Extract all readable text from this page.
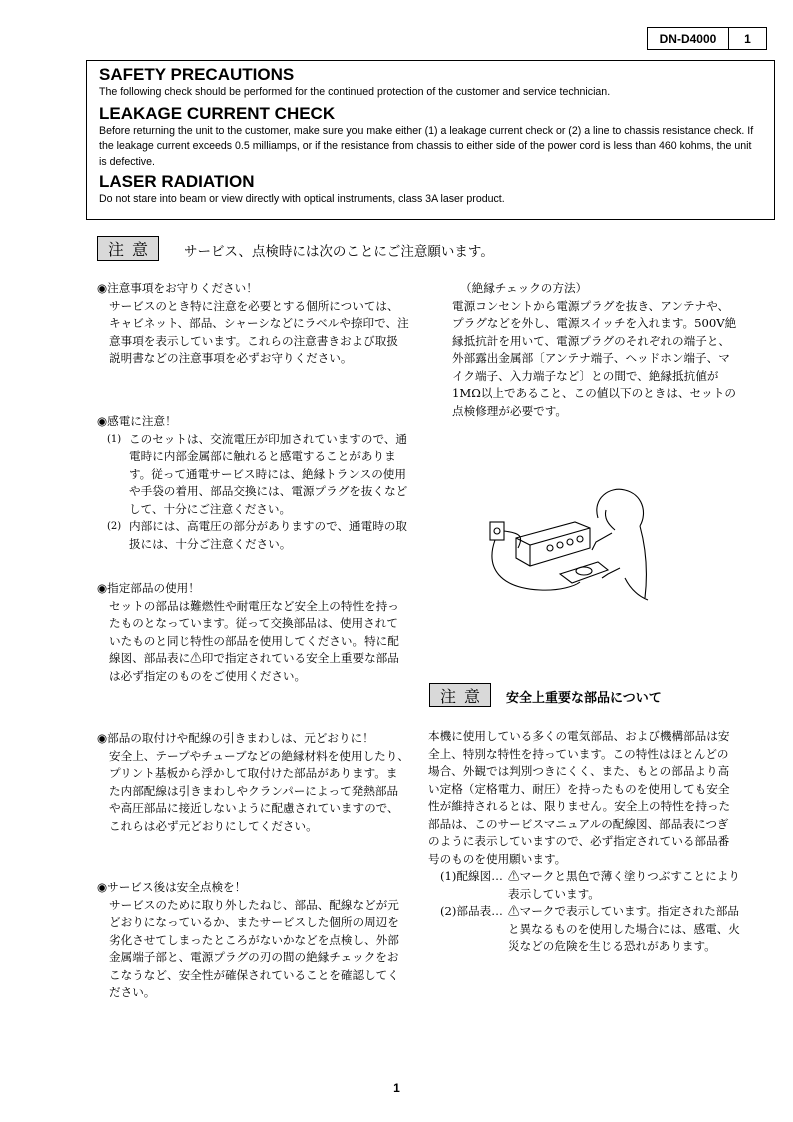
DN-D4000	1
SAFETY PRECAUTIONS

The following check should be performed for the continued protection of the customer and service technician.

LEAKAGE CURRENT CHECK

Before returning the unit to the customer, make sure you make either (1) a leakage current check or (2) a line to chassis resistance check. If the leakage current exceeds 0.5 milliamps, or if the resistance from chassis to either side of the power cord is less than 460 kohms, the unit is defective.

LASER RADIATION

Do not stare into beam or view directly with optical instruments, class 3A laser product.

注意 サービス、点検時には次のことにご注意願います。
◉注意事項をお守りください！
サービスのとき特に注意を必要とする個所については、キャビネット、部品、シャーシなどにラベルや捺印で、注意事項を表示しています。これらの注意書きおよび取扱説明書などの注意事項を必ずお守りください。
◉感電に注意！
(1) このセットは、交流電圧が印加されていますので、通電時に内部金属部に触れると感電することがあります。従って通電サービス時には、絶縁トランスの使用や手袋の着用、部品交換には、電源プラグを抜くなどして、十分にご注意ください。
(2) 内部には、高電圧の部分がありますので、通電時の取扱には、十分ご注意ください。
◉指定部品の使用！
セットの部品は難燃性や耐電圧など安全上の特性を持ったものとなっています。従って交換部品は、使用されていたものと同じ特性の部品を使用してください。特に配線図、部品表に⚠印で指定されている安全上重要な部品は必ず指定のものをご使用ください。
◉部品の取付けや配線の引きまわしは、元どおりに！
安全上、テープやチューブなどの絶縁材料を使用したり、プリント基板から浮かして取付けた部品があります。また内部配線は引きまわしやクランパーによって発熱部品や高圧部品に接近しないように配慮されていますので、これらは必ず元どおりにしてください。
◉サービス後は安全点検を！
サービスのために取り外したねじ、部品、配線などが元どおりになっているか、またサービスした個所の周辺を劣化させてしまったところがないかなどを点検し、外部金属端子部と、電源プラグの刃の間の絶縁チェックをおこなうなど、安全性が確保されていることを確認してください。
（絶縁チェックの方法）
電源コンセントから電源プラグを抜き、アンテナや、プラグなどを外し、電源スイッチを入れます。500V絶縁抵抗計を用いて、電源プラグのそれぞれの端子と、外部露出金属部〔アンテナ端子、ヘッドホン端子、マイク端子、入力端子など〕との間で、絶縁抵抗値が1MΩ以上であること、この値以下のときは、セットの点検修理が必要です。
注意 安全上重要な部品について
本機に使用している多くの電気部品、および機構部品は安全上、特別な特性を持っています。この特性はほとんどの場合、外観では判別つきにくく、また、もとの部品より高い定格（定格電力、耐圧）を持ったものを使用しても安全性が維持されるとは、限りません。安全上の特性を持った部品は、このサービスマニュアルの配線図、部品表につぎのように表示していますので、必ず指定されている部品番号のものを使用願います。
(1)配線図… ⚠マークと黒色で薄く塗りつぶすことにより表示しています。
(2)部品表… ⚠マークで表示しています。指定された部品と異なるものを使用した場合には、感電、火災などの危険を生じる恐れがあります。
1
